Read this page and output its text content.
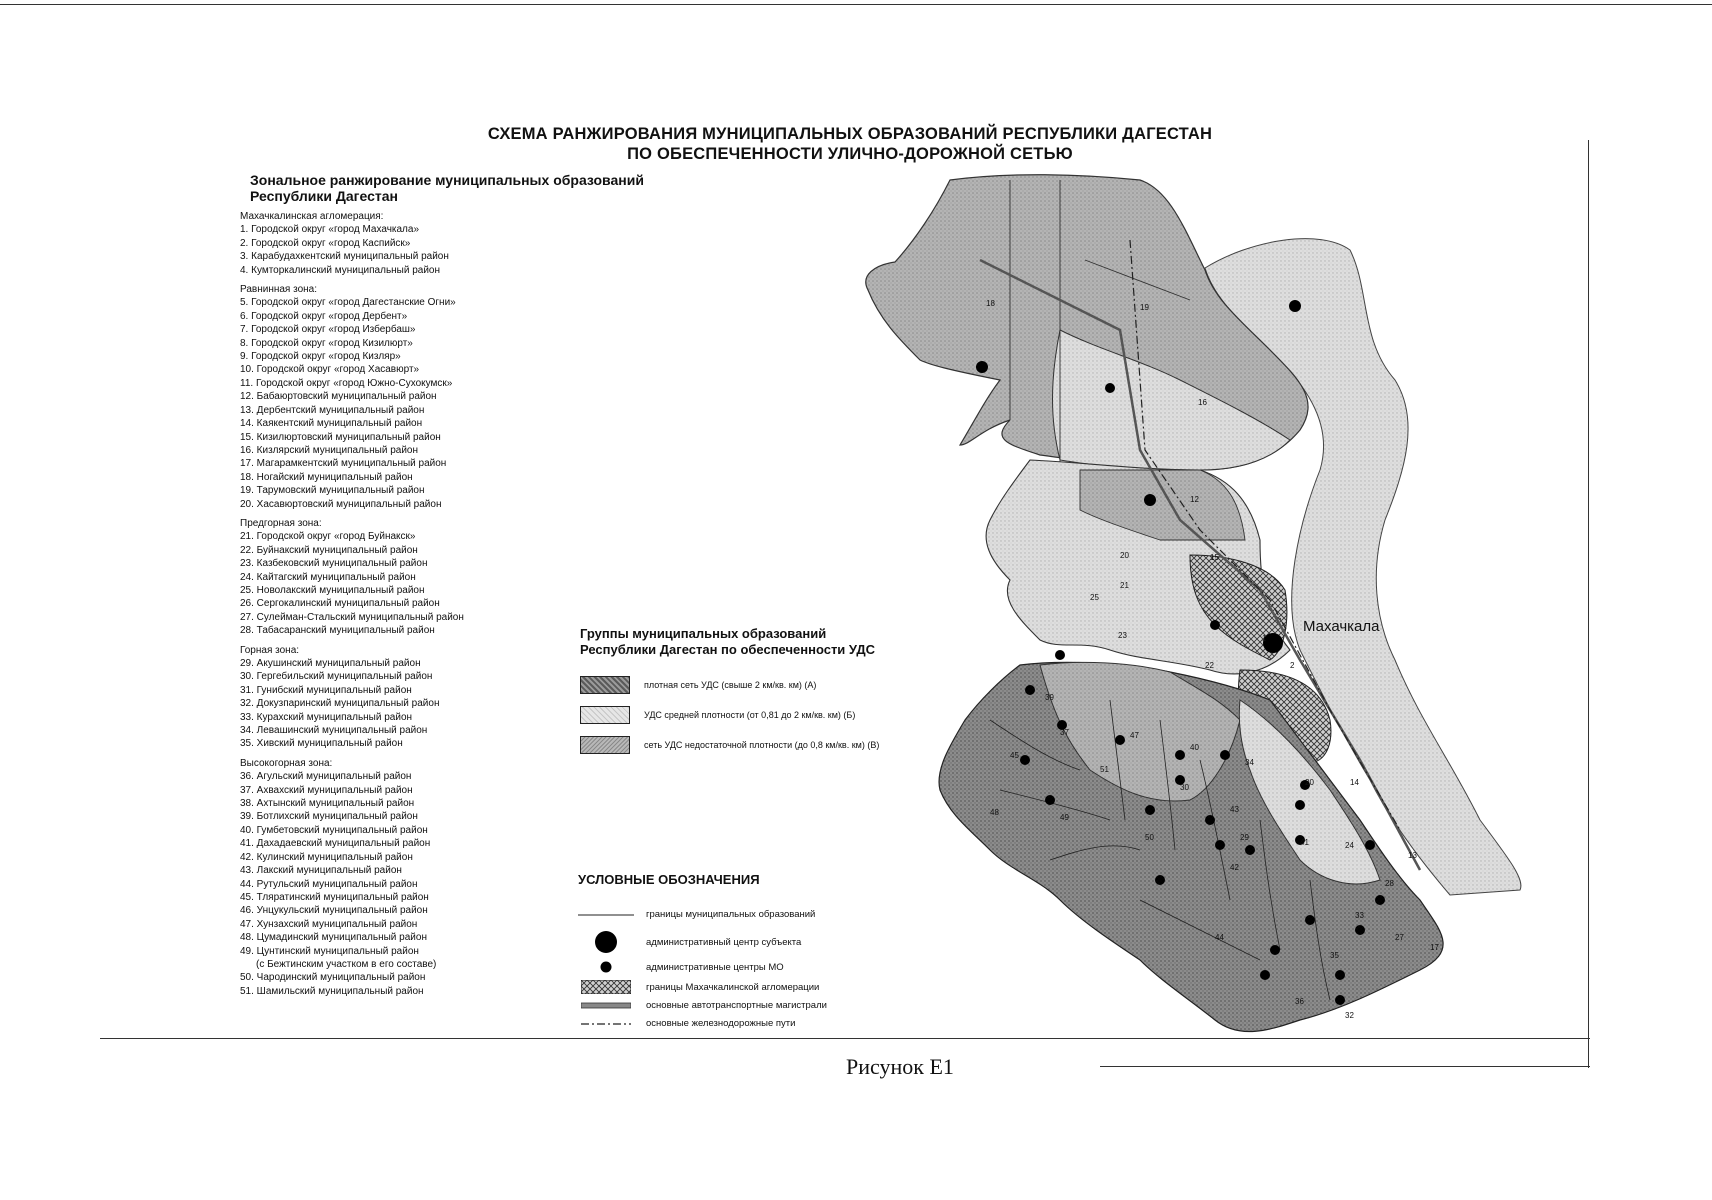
СХЕМА РАНЖИРОВАНИЯ МУНИЦИПАЛЬНЫХ ОБРАЗОВАНИЙ РЕСПУБЛИКИ ДАГЕСТАН
ПО ОБЕСПЕЧЕННОСТИ УЛИЧНО-ДОРОЖНОЙ СЕТЬЮ
18	19
16
12
20	15
25
23
22
39
37	47
40
45
51
30
34
43
50	29
49
48
41	24
42
20	14
13
28
33
44
35
27
36
32
17
1
2
21
Махачкала
Зональное ранжирование муниципальных образований
Республики Дагестан
Махачкалинская агломерация:
1. Городской округ «город Махачкала»
2. Городской округ «город Каспийск»
3. Карабудахкентский муниципальный район
4. Кумторкалинский муниципальный район
Равнинная зона:
5. Городской округ «город Дагестанские Огни»
6. Городской округ «город Дербент»
7. Городской округ «город Избербаш»
8. Городской округ «город Кизилюрт»
9. Городской округ «город Кизляр»
10. Городской округ «город Хасавюрт»
11. Городской округ «город Южно-Сухокумск»
12. Бабаюртовский муниципальный район
13. Дербентский муниципальный район
14. Каякентский муниципальный район
15. Кизилюртовский муниципальный район
16. Кизлярский муниципальный район
17. Магарамкентский муниципальный район
18. Ногайский муниципальный район
19. Тарумовский муниципальный район
20. Хасавюртовский муниципальный район
Предгорная зона:
21. Городской округ «город Буйнакск»
22. Буйнакский муниципальный район
23. Казбековский муниципальный район
24. Кайтагский муниципальный район
25. Новолакский муниципальный район
26. Сергокалинский муниципальный район
27. Сулейман-Стальский муниципальный район
28. Табасаранский муниципальный район
Горная зона:
29. Акушинский муниципальный район
30. Гергебильский муниципальный район
31. Гунибский муниципальный район
32. Докузпаринский муниципальный район
33. Курахский муниципальный район
34. Левашинский муниципальный район
35. Хивский муниципальный район
Высокогорная зона:
36. Агульский муниципальный район
37. Ахвахский муниципальный район
38. Ахтынский муниципальный район
39. Ботлихский муниципальный район
40. Гумбетовский муниципальный район
41. Дахадаевский муниципальный район
42. Кулинский муниципальный район
43. Лакский муниципальный район
44. Рутульский муниципальный район
45. Тляратинский муниципальный район
46. Унцукульский муниципальный район
47. Хунзахский муниципальный район
48. Цумадинский муниципальный район
49. Цунтинский муниципальный район
(с Бежтинским участком в его составе)
50. Чародинский муниципальный район
51. Шамильский муниципальный район
Группы муниципальных образований
Республики Дагестан по обеспеченности УДС
плотная сеть УДС (свыше 2 км/кв. км) (А)
УДС средней плотности (от 0,81 до 2 км/кв. км) (Б)
сеть УДС недостаточной плотности (до 0,8 км/кв. км) (В)
УСЛОВНЫЕ ОБОЗНАЧЕНИЯ
границы муниципальных образований
административный центр субъекта
административные центры МО
границы Махачкалинской агломерации
основные автотранспортные магистрали
основные железнодорожные пути
Рисунок Е1
